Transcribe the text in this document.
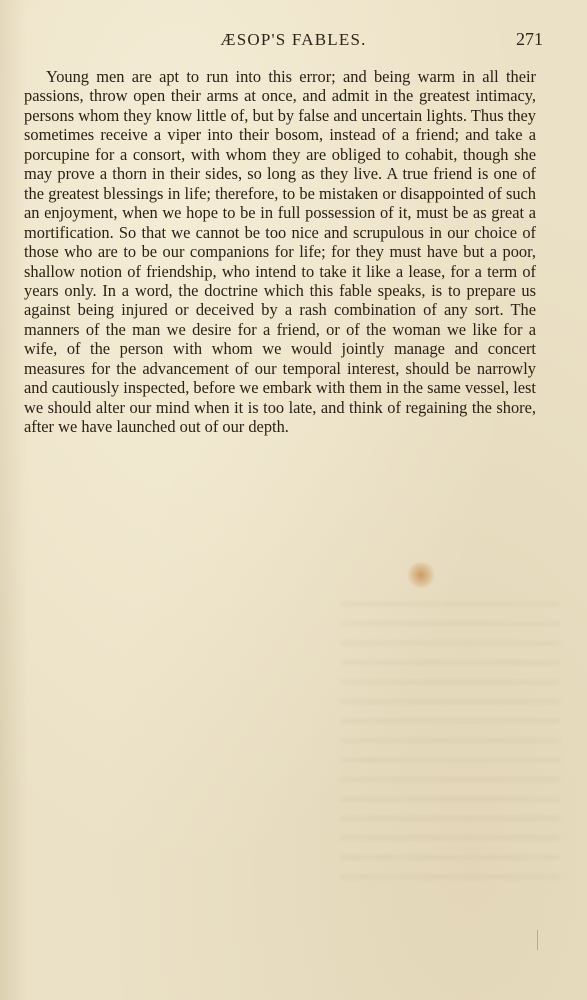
ÆSOP'S FABLES.	271

Young men are apt to run into this error; and being warm in all their passions, throw open their arms at once, and admit in the greatest intimacy, persons whom they know little of, but by false and uncertain lights. Thus they sometimes receive a viper into their bosom, instead of a friend; and take a porcupine for a consort, with whom they are obliged to cohabit, though she may prove a thorn in their sides, so long as they live. A true friend is one of the greatest blessings in life; therefore, to be mistaken or disappointed of such an enjoyment, when we hope to be in full possession of it, must be as great a mortification. So that we cannot be too nice and scrupulous in our choice of those who are to be our companions for life; for they must have but a poor, shallow notion of friendship, who intend to take it like a lease, for a term of years only. In a word, the doctrine which this fable speaks, is to prepare us against being injured or deceived by a rash combination of any sort. The manners of the man we desire for a friend, or of the woman we like for a wife, of the person with whom we would jointly manage and concert measures for the advancement of our temporal interest, should be narrowly and cautiously inspected, before we embark with them in the same vessel, lest we should alter our mind when it is too late, and think of regaining the shore, after we have launched out of our depth.
